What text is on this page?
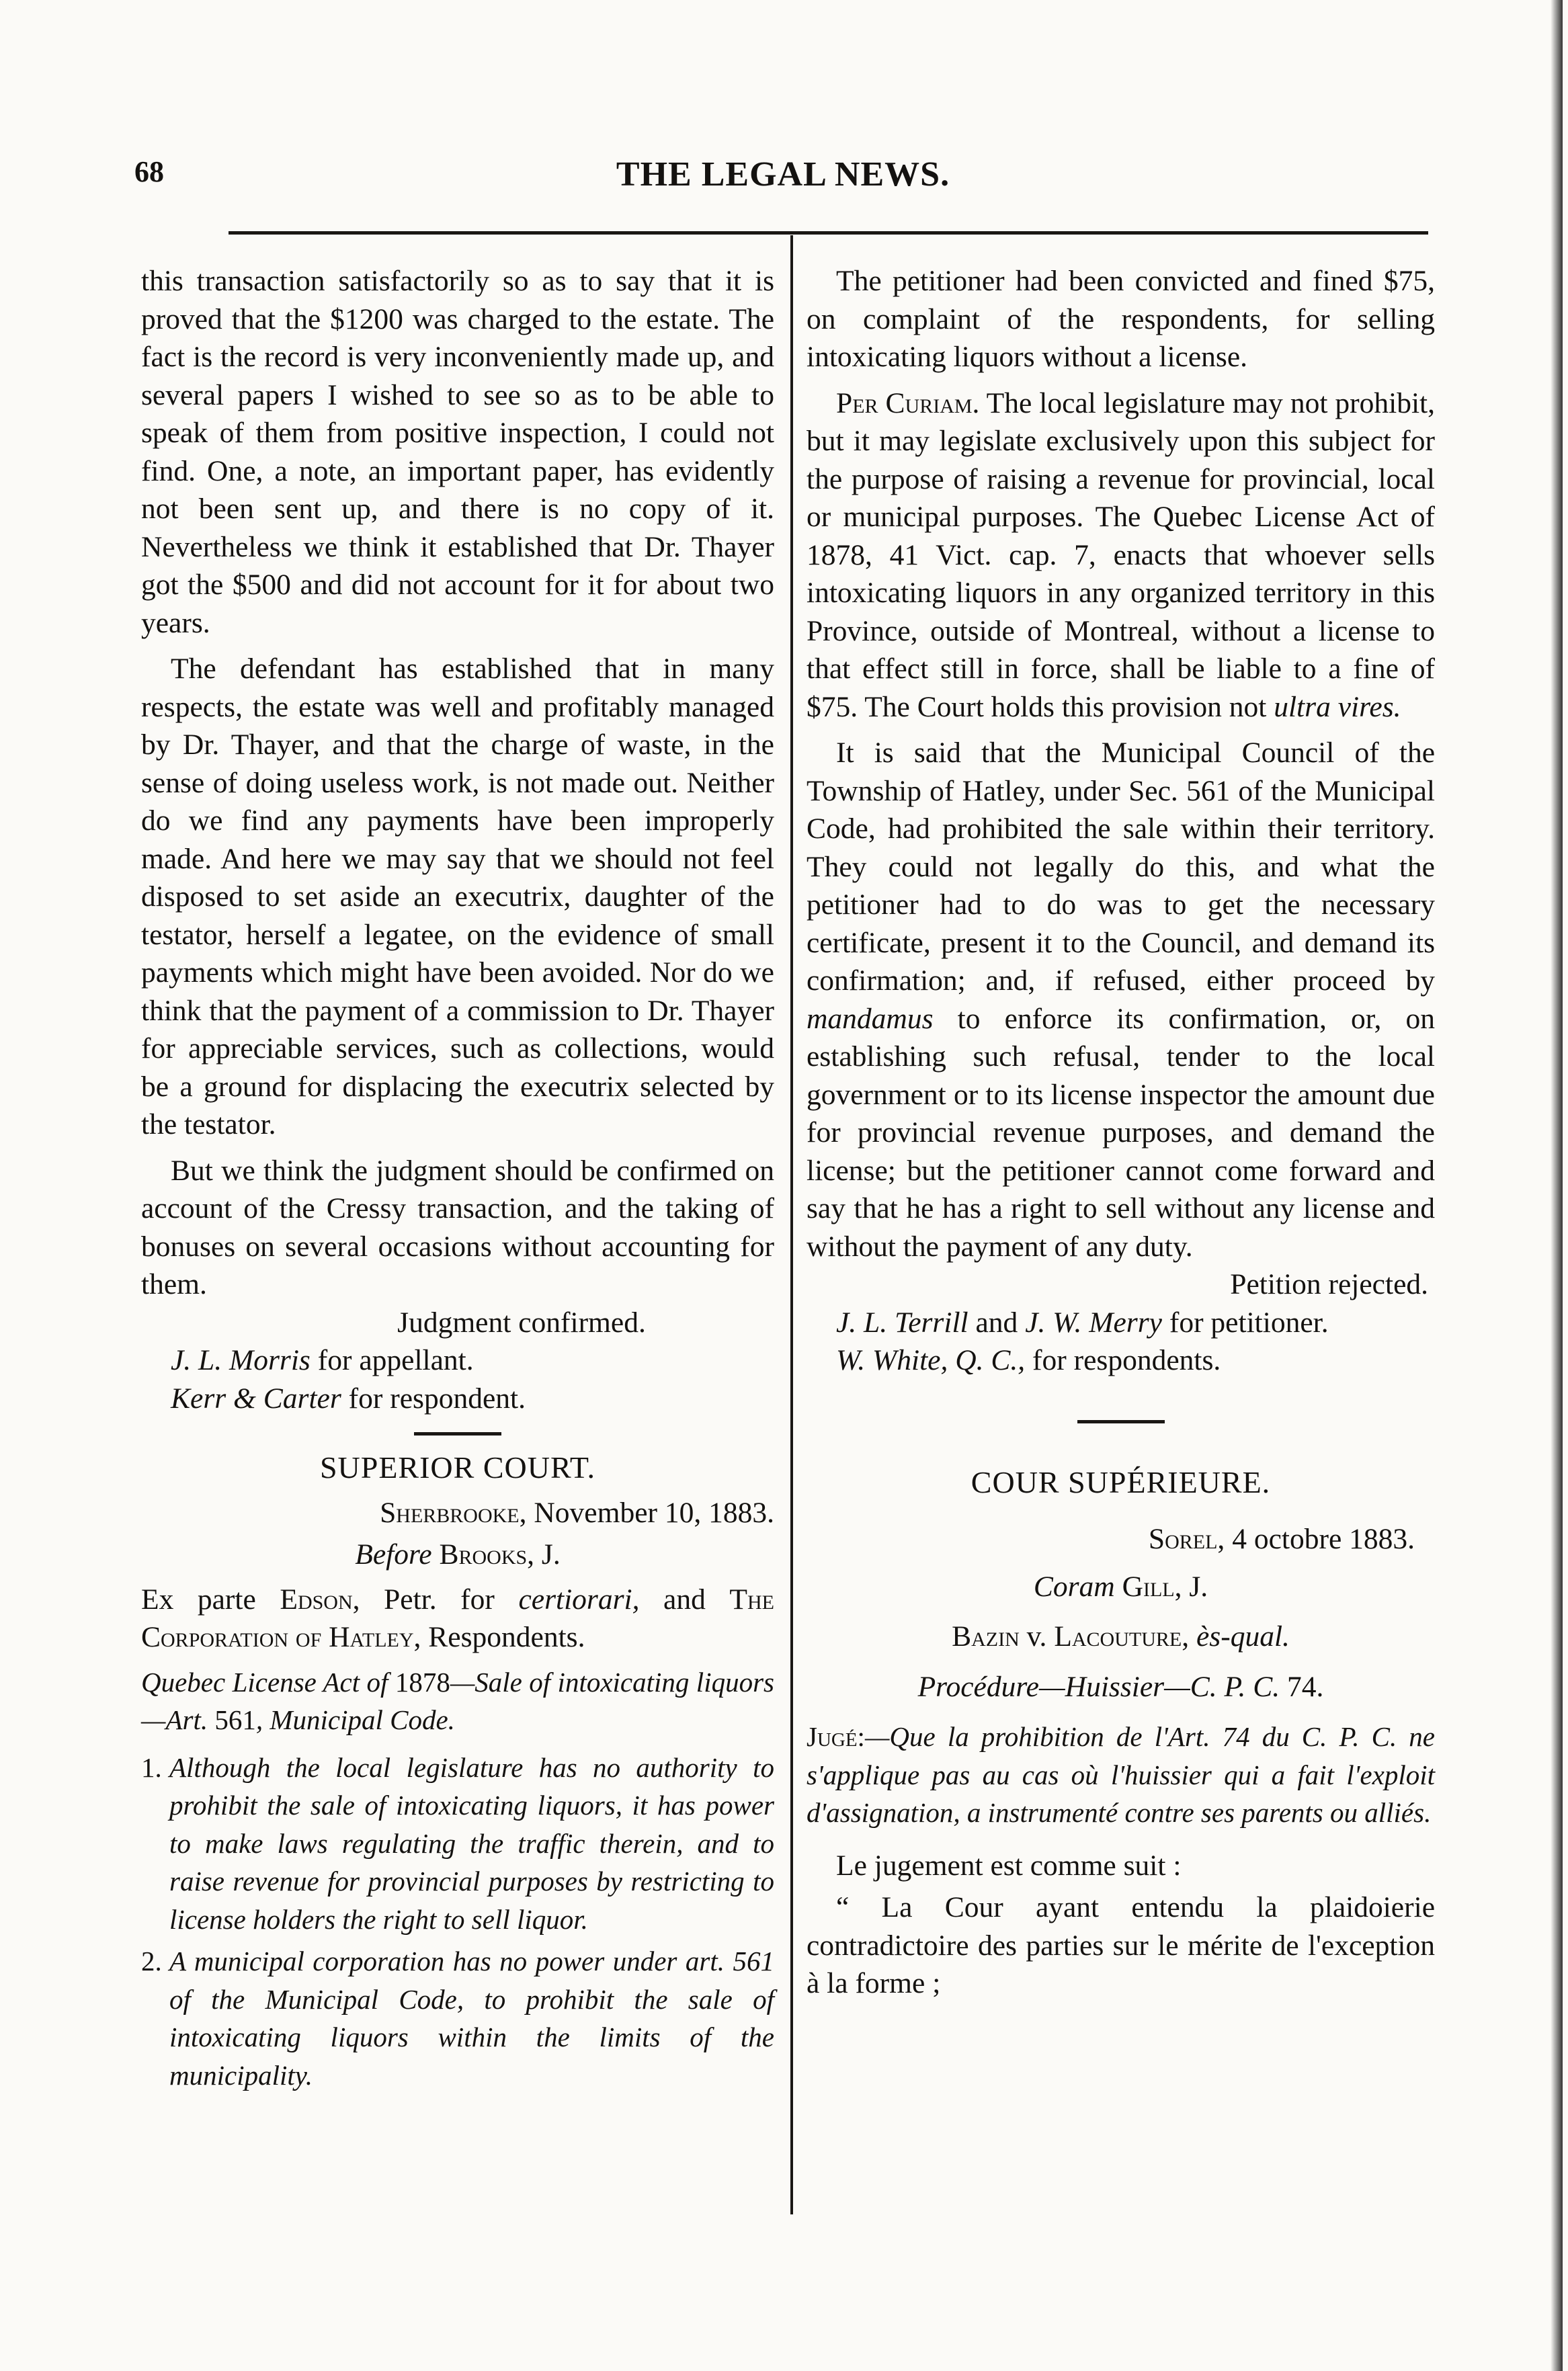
68	THE LEGAL NEWS.

this transaction satisfactorily so as to say that it is proved that the $1200 was charged to the estate. The fact is the record is very inconveniently made up, and several papers I wished to see so as to be able to speak of them from positive inspection, I could not find. One, a note, an important paper, has evidently not been sent up, and there is no copy of it. Nevertheless we think it established that Dr. Thayer got the $500 and did not account for it for about two years.

The defendant has established that in many respects, the estate was well and profitably managed by Dr. Thayer, and that the charge of waste, in the sense of doing useless work, is not made out. Neither do we find any payments have been improperly made. And here we may say that we should not feel disposed to set aside an executrix, daughter of the testator, herself a legatee, on the evidence of small payments which might have been avoided. Nor do we think that the payment of a commission to Dr. Thayer for appreciable services, such as collections, would be a ground for displacing the executrix selected by the testator.

But we think the judgment should be confirmed on account of the Cressy transaction, and the taking of bonuses on several occasions without accounting for them.

Judgment confirmed.

J. L. Morris for appellant.

Kerr & Carter for respondent.

SUPERIOR COURT.

Sherbrooke, November 10, 1883.

Before Brooks, J.

Ex parte Edson, Petr. for certiorari, and The Corporation of Hatley, Respondents.

Quebec License Act of 1878—Sale of intoxicating liquors—Art. 561, Municipal Code.

1. Although the local legislature has no authority to prohibit the sale of intoxicating liquors, it has power to make laws regulating the traffic therein, and to raise revenue for provincial purposes by restricting to license holders the right to sell liquor.
2. A municipal corporation has no power under art. 561 of the Municipal Code, to prohibit the sale of intoxicating liquors within the limits of the municipality.

The petitioner had been convicted and fined $75, on complaint of the respondents, for selling intoxicating liquors without a license.

Per Curiam. The local legislature may not prohibit, but it may legislate exclusively upon this subject for the purpose of raising a revenue for provincial, local or municipal purposes. The Quebec License Act of 1878, 41 Vict. cap. 7, enacts that whoever sells intoxicating liquors in any organized territory in this Province, outside of Montreal, without a license to that effect still in force, shall be liable to a fine of $75. The Court holds this provision not ultra vires.

It is said that the Municipal Council of the Township of Hatley, under Sec. 561 of the Municipal Code, had prohibited the sale within their territory. They could not legally do this, and what the petitioner had to do was to get the necessary certificate, present it to the Council, and demand its confirmation; and, if refused, either proceed by mandamus to enforce its confirmation, or, on establishing such refusal, tender to the local government or to its license inspector the amount due for provincial revenue purposes, and demand the license; but the petitioner cannot come forward and say that he has a right to sell without any license and without the payment of any duty.

Petition rejected.

J. L. Terrill and J. W. Merry for petitioner.

W. White, Q. C., for respondents.

COUR SUPÉRIEURE.

Sorel, 4 octobre 1883.

Coram Gill, J.

Bazin v. Lacouture, ès-qual.

Procédure—Huissier—C. P. C. 74.

Jugé:—Que la prohibition de l'Art. 74 du C. P. C. ne s'applique pas au cas où l'huissier qui a fait l'exploit d'assignation, a instrumenté contre ses parents ou alliés.

Le jugement est comme suit :

“ La Cour ayant entendu la plaidoierie contradictoire des parties sur le mérite de l'exception à la forme ;
